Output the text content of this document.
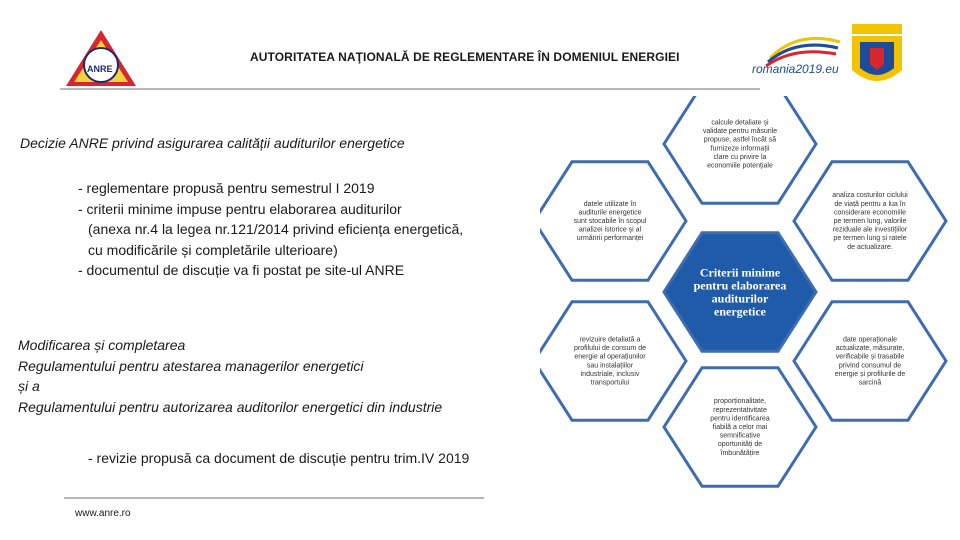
ANRE
AUTORITATEA NAŢIONALĂ DE REGLEMENTARE ÎN DOMENIUL ENERGIEI
romania2019.eu
Decizie ANRE privind asigurarea calității auditurilor energetice
- reglementare propusă pentru semestrul I 2019
- criterii minime impuse pentru elaborarea auditurilor
(anexa nr.4 la legea nr.121/2014 privind eficiența energetică,
cu modificările și completările ulterioare)
- documentul de discuție va fi postat pe site-ul ANRE
Modificarea și completarea
Regulamentului pentru atestarea managerilor energetici
și a
Regulamentului pentru autorizarea auditorilor energetici din industrie
- revizie propusă ca document de discuție pentru trim.IV 2019
www.anre.ro
calcule detaliate și
validate pentru măsurile
propuse, astfel încât să
furnizeze informații
clare cu privire la
economiile potențiale
datele utilizate în
auditurile energetice
sunt stocabile în scopul
analizei istorice și al
urmăririi performanței
analiza costurilor ciclului
de viață pentru a lua în
considerare economiile
pe termen lung, valorile
reziduale ale investițiilor
pe termen lung și ratele
de actualizare.
Criterii minime
pentru elaborarea
auditurilor
energetice
revizuire detaliată a
profilului de consum de
energie al operațiunilor
sau instalațiilor
industriale, inclusiv
transportului
date operaționale
actualizate, măsurate,
verificabile și trasabile
privind consumul de
energie și profilurile de
sarcină
proporționalitate,
reprezentativitate
pentru identificarea
fiabilă a celor mai
semnificative
oportunități de
îmbunătățire
